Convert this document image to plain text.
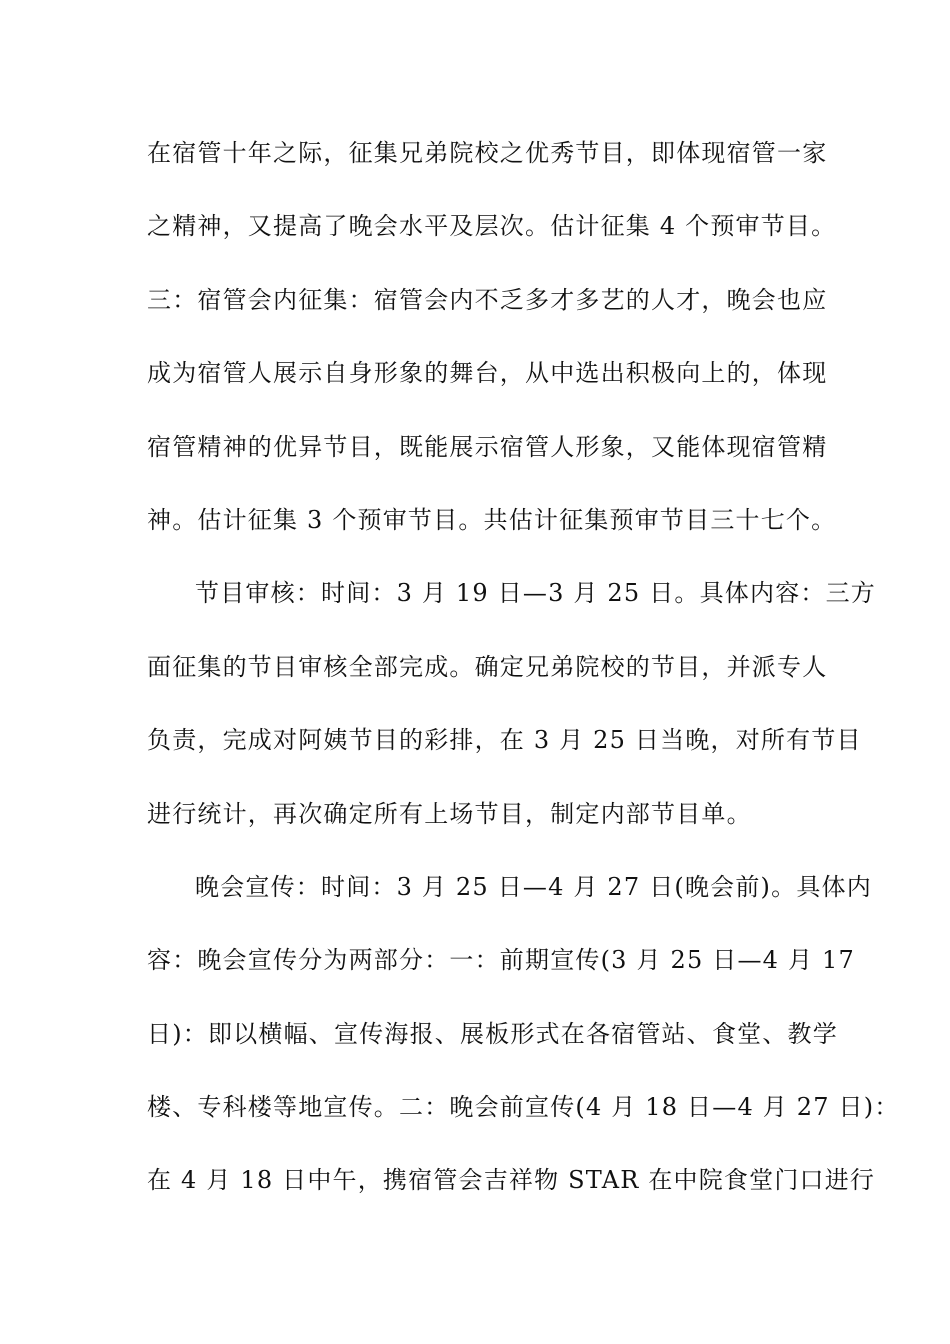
在宿管十年之际，征集兄弟院校之优秀节目，即体现宿管一家
之精神，又提高了晚会水平及层次。估计征集 4 个预审节目。
三：宿管会内征集：宿管会内不乏多才多艺的人才，晚会也应
成为宿管人展示自身形象的舞台，从中选出积极向上的，体现
宿管精神的优异节目，既能展示宿管人形象，又能体现宿管精
神。估计征集 3 个预审节目。共估计征集预审节目三十七个。
节目审核：时间：3 月 19 日—3 月 25 日。具体内容：三方
面征集的节目审核全部完成。确定兄弟院校的节目，并派专人
负责，完成对阿姨节目的彩排，在 3 月 25 日当晚，对所有节目
进行统计，再次确定所有上场节目，制定内部节目单。
晚会宣传：时间：3 月 25 日—4 月 27 日(晚会前)。具体内
容：晚会宣传分为两部分：一：前期宣传(3 月 25 日—4 月 17
日)：即以横幅、宣传海报、展板形式在各宿管站、食堂、教学
楼、专科楼等地宣传。二：晚会前宣传(4 月 18 日—4 月 27 日)：
在 4 月 18 日中午，携宿管会吉祥物 STAR 在中院食堂门口进行
